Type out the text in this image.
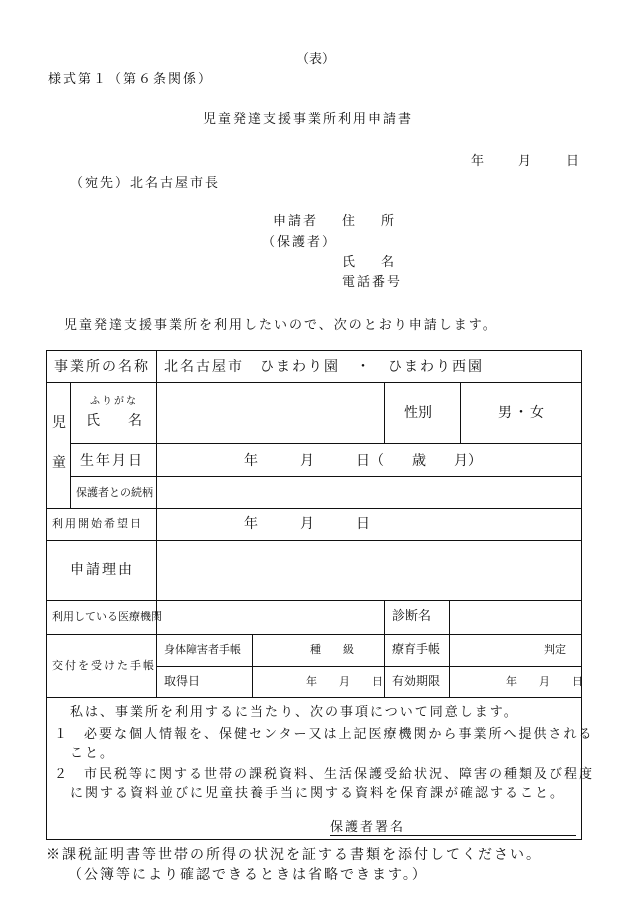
（表）
様式第１（第６条関係）
児童発達支援事業所利用申請書
年	月	日
（宛先）北名古屋市長
申請者 住　　所
（保護者）
氏　　名
電話番号
児童発達支援事業所を利用したいので、次のとおり申請します。
事業所の名称 北名古屋市　ひまわり園　・　ひまわり西園
児
童
ふりがな
氏　　名	性別	男・女
生年月日	年　　　月　　　日（　　歳　　月）
保護者との続柄
利用開始希望日	年　　　月　　　日
申請理由
利用している医療機関	診断名
交付を受けた手帳
身体障害者手帳	種　　級	療育手帳	判定
取得日	年　　月　　日 有効期限	年　　月　　日
私は、事業所を利用するに当たり、次の事項について同意します。
１　必要な個人情報を、保健センター又は上記医療機関から事業所へ提供される
こと。
２　市民税等に関する世帯の課税資料、生活保護受給状況、障害の種類及び程度
に関する資料並びに児童扶養手当に関する資料を保育課が確認すること。
保護者署名
※課税証明書等世帯の所得の状況を証する書類を添付してください。
（公簿等により確認できるときは省略できます。）
